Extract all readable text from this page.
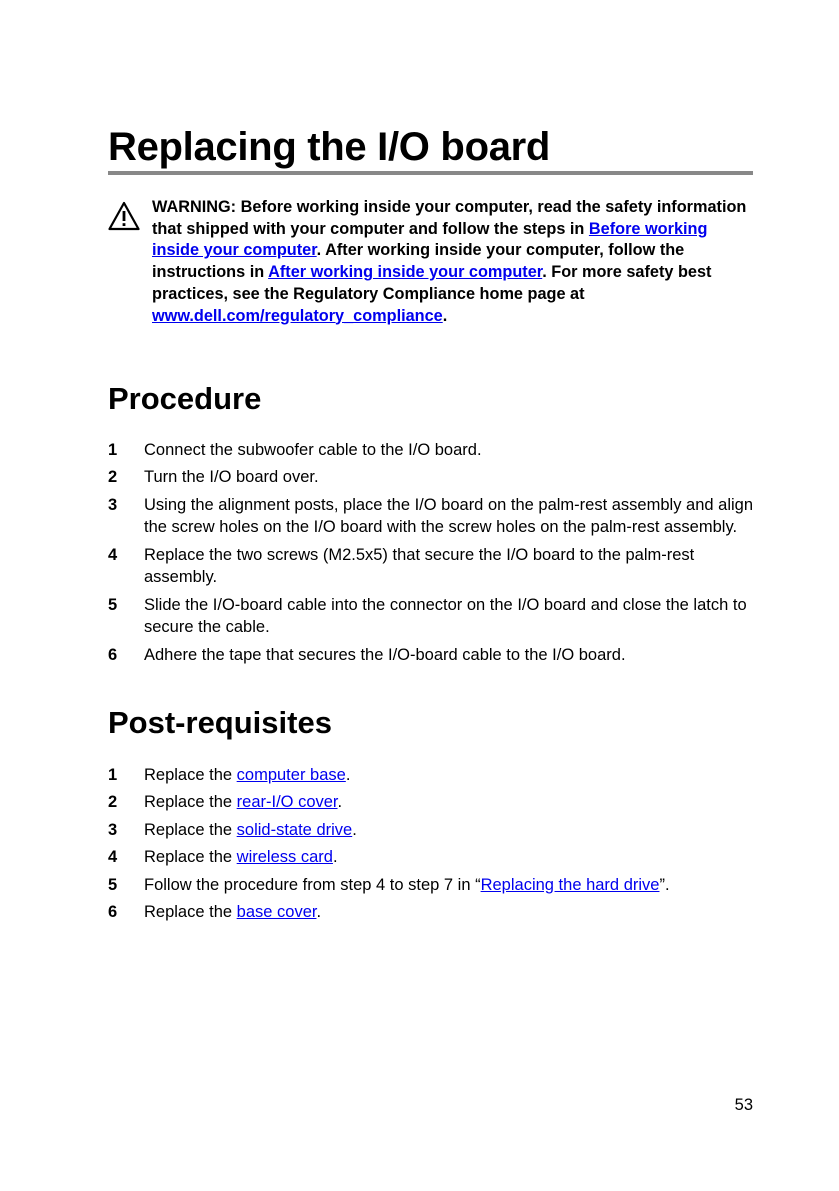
Replacing the I/O board

WARNING: Before working inside your computer, read the safety information that shipped with your computer and follow the steps in Before working inside your computer. After working inside your computer, follow the instructions in After working inside your computer. For more safety best practices, see the Regulatory Compliance home page at www.dell.com/regulatory_compliance.

Procedure
1 Connect the subwoofer cable to the I/O board.
2 Turn the I/O board over.
3 Using the alignment posts, place the I/O board on the palm-rest assembly and align the screw holes on the I/O board with the screw holes on the palm-rest assembly.
4 Replace the two screws (M2.5x5) that secure the I/O board to the palm-rest assembly.
5 Slide the I/O-board cable into the connector on the I/O board and close the latch to secure the cable.
6 Adhere the tape that secures the I/O-board cable to the I/O board.
Post-requisites
1 Replace the computer base.
2 Replace the rear-I/O cover.
3 Replace the solid-state drive.
4 Replace the wireless card.
5 Follow the procedure from step 4 to step 7 in “Replacing the hard drive”.
6 Replace the base cover.
53
